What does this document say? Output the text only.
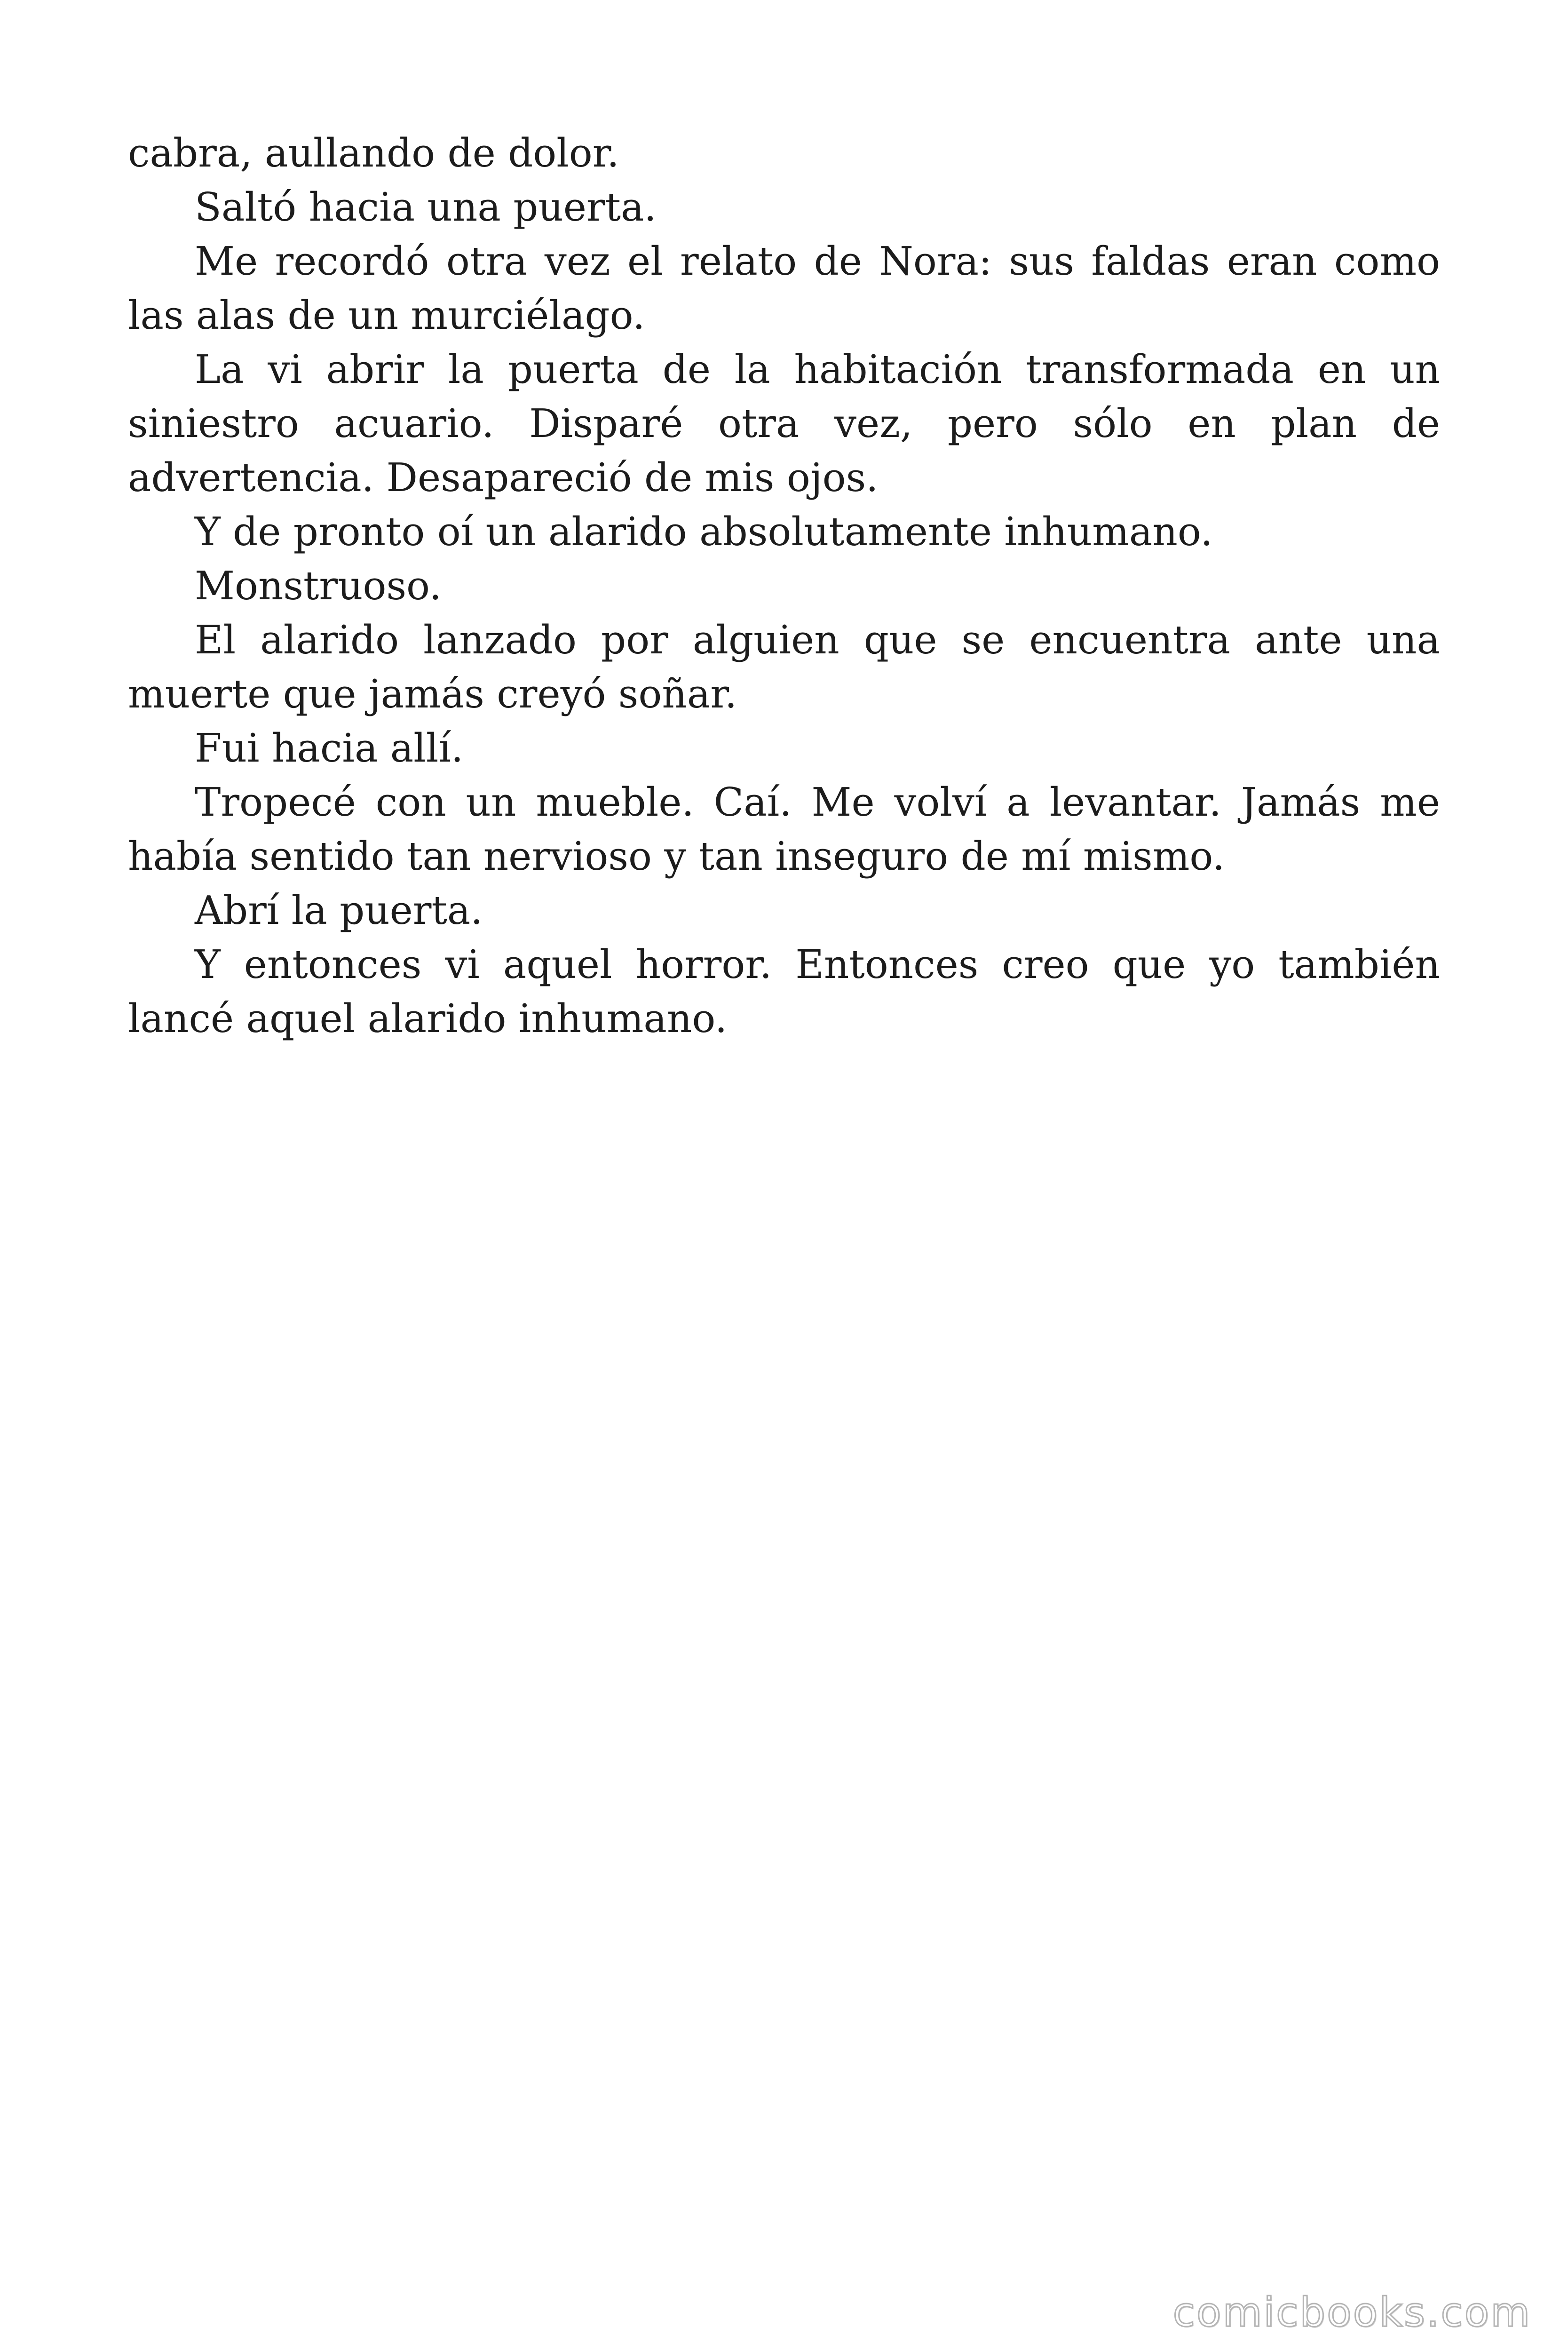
cabra, aullando de dolor.

Saltó hacia una puerta.

Me recordó otra vez el relato de Nora: sus faldas eran como las alas de un murciélago.

La vi abrir la puerta de la habitación transformada en un siniestro acuario. Disparé otra vez, pero sólo en plan de advertencia. Desapareció de mis ojos.

Y de pronto oí un alarido absolutamente inhumano.

Monstruoso.

El alarido lanzado por alguien que se encuentra ante una muerte que jamás creyó soñar.

Fui hacia allí.

Tropecé con un mueble. Caí. Me volví a levantar. Jamás me había sentido tan nervioso y tan inseguro de mí mismo.

Abrí la puerta.

Y entonces vi aquel horror. Entonces creo que yo también lancé aquel alarido inhumano.

comicbooks.com
